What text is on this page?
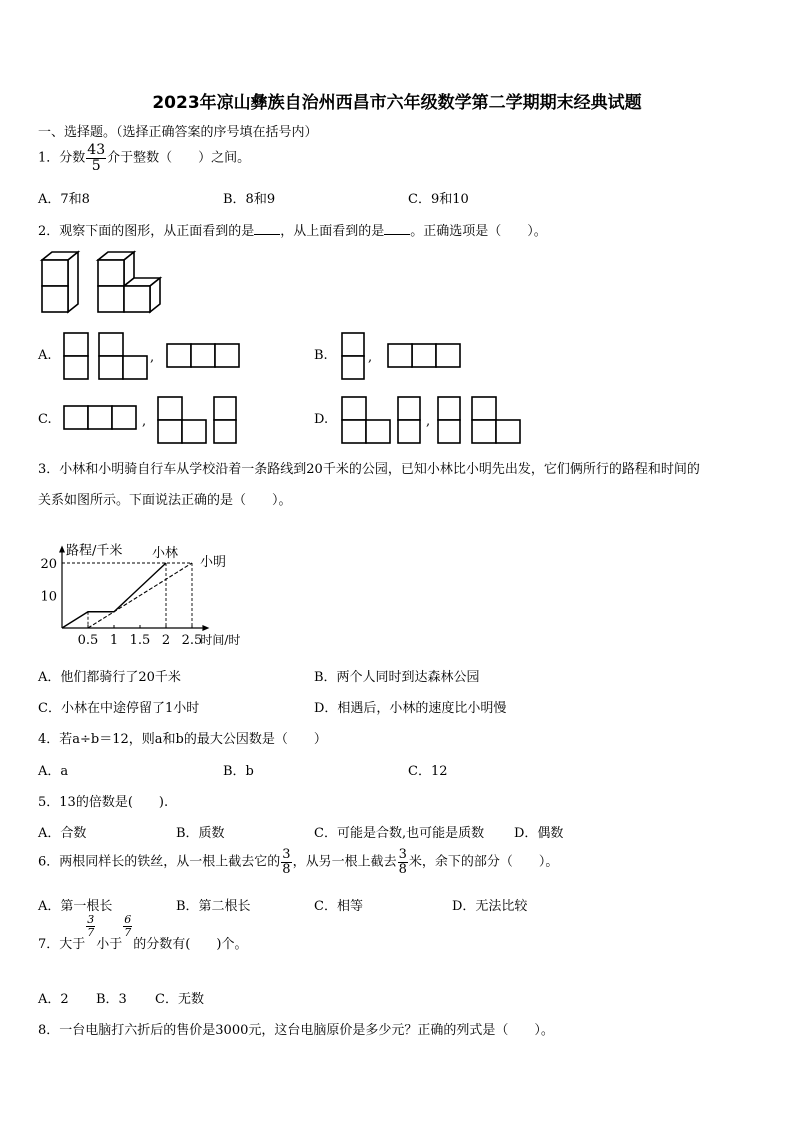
2023年凉山彝族自治州西昌市六年级数学第二学期期末经典试题
一、选择题。（选择正确答案的序号填在括号内）
1．分数 $\frac{43}{5}$ 介于整数（　　）之间。
A．7和8	B．8和9	C．9和10
2．观察下面的图形，从正面看到的是 ，从上面看到的是 。正确选项是（　　）。
A.	,	B.	,
C.	,	D.	,
3．小林和小明骑自行车从学校沿着一条路线到20千米的公园，已知小林比小明先出发，它们俩所行的路程和时间的
关系如图所示。下面说法正确的是（　　）。
路程/千米
时间/时
0.5 1 1.5 2 2.5
10
20
小林
小明
A．他们都骑行了20千米	B．两个人同时到达森林公园
C．小林在中途停留了1小时	D．相遇后，小林的速度比小明慢
4．若a÷b＝12，则a和b的最大公因数是（　　）
A．a	B．b	C．12
5．13的倍数是(　　).
A．合数	B．质数	C．可能是合数,也可能是质数 D．偶数
6．两根同样长的铁丝，从一根上截去它的 $\frac{3}{8}$ ，从另一根上截去 $\frac{3}{8}$ 米，余下的部分（　　）。
A．第一根长	B．第二根长	C．相等	D．无法比较
7．大于
$\frac{3}{7}$
小于
$\frac{6}{7}$
的分数有(　　)个。
A．2 B．3 C．无数
8．一台电脑打六折后的售价是3000元，这台电脑原价是多少元？正确的列式是（　　）。
